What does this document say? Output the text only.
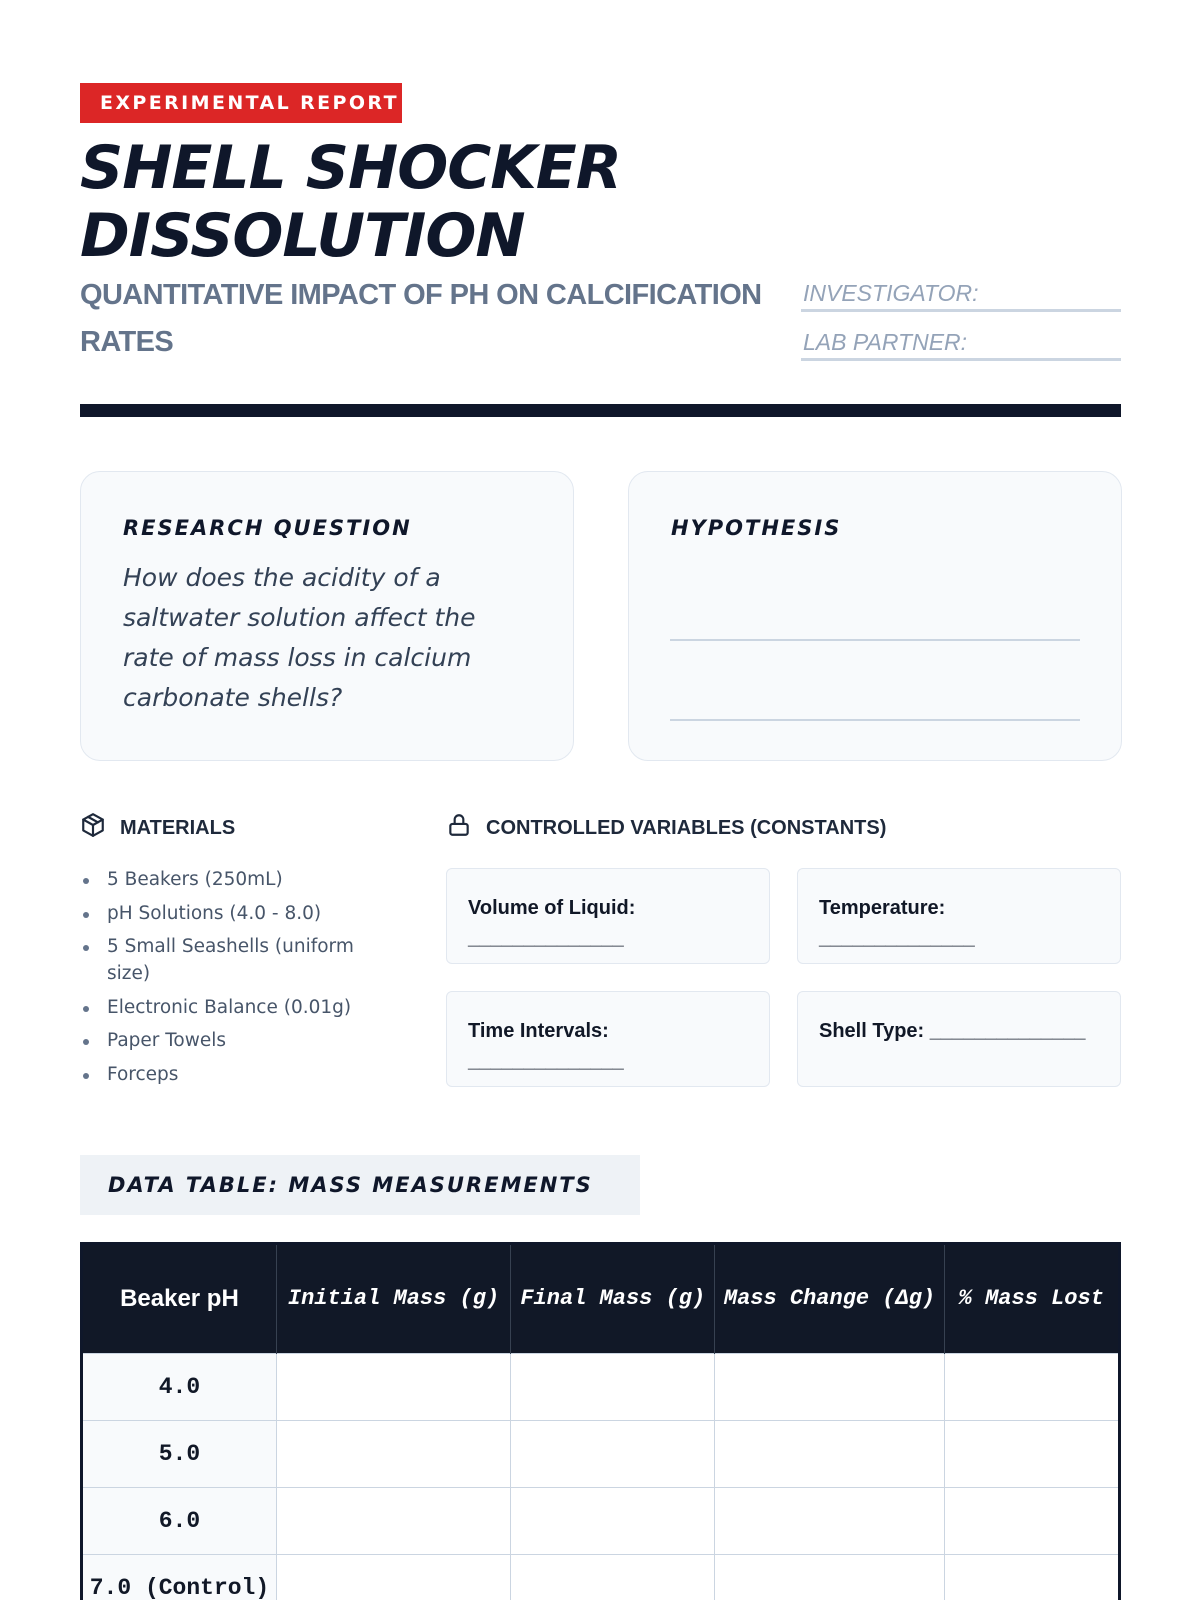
EXPERIMENTAL REPORT
SHELL SHOCKER
DISSOLUTION
QUANTITATIVE IMPACT OF PH ON CALCIFICATION RATES
INVESTIGATOR:
LAB PARTNER:
RESEARCH QUESTION
How does the acidity of a saltwater solution affect the rate of mass loss in calcium carbonate shells?
HYPOTHESIS
MATERIALS
5 Beakers (250mL)
pH Solutions (4.0 - 8.0)
5 Small Seashells (uniform size)
Electronic Balance (0.01g)
Paper Towels
Forceps
CONTROLLED VARIABLES (CONSTANTS)
Volume of Liquid: ______________
Temperature: ______________
Time Intervals: ______________
Shell Type: ______________
DATA TABLE: MASS MEASUREMENTS
Beaker pH	Initial Mass (g)	Final Mass (g)	Mass Change (Δg)	% Mass Lost
4.0				
5.0				
6.0				
7.0 (Control)				
